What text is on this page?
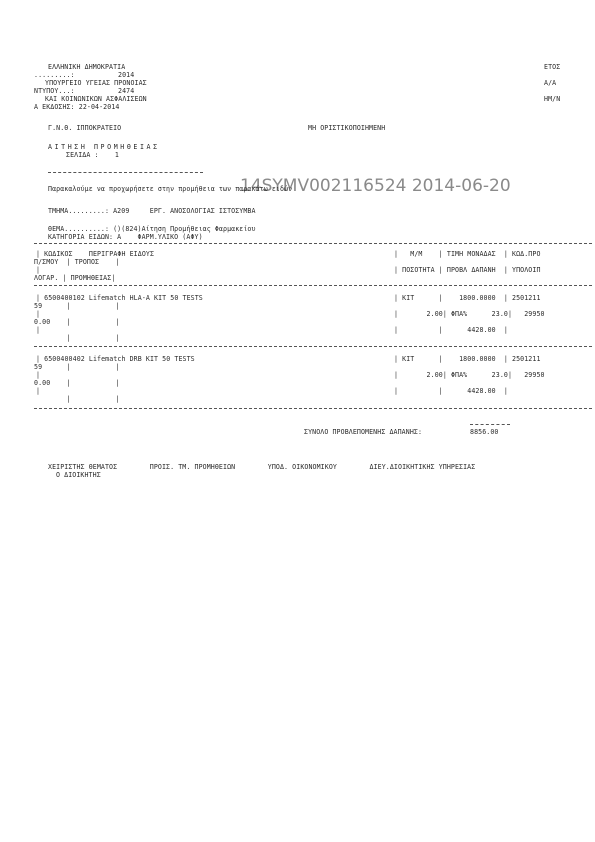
ΕΛΛΗΝΙΚΗ ΔΗΜΟΚΡΑΤΙΑ	ΕΤΟΣ
.........:	2014
ΥΠΟΥΡΓΕΙΟ ΥΓΕΙΑΣ ΠΡΟΝΟΙΑΣ	Α/Α
ΝΤΥΠΟΥ...:	2474
ΚΑΙ ΚΟΙΝΩΝΙΚΩΝ ΑΣΦΑΛΙΣΕΩΝ	ΗΜ/Ν
Α ΕΚΔΟΣΗΣ: 22-04-2014
Γ.Ν.Θ. ΙΠΠΟΚΡΑΤΕΙΟ	ΜΗ ΟΡΙΣΤΙΚΟΠΟΙΗΜΕΝΗ
ΑΙΤΗΣΗ ΠΡΟΜΗΘΕΙΑΣ
ΣΕΛΙΔΑ :    1
14SYMV002116524 2014-06-20
Παρακαλούμε να προχωρήσετε στην προμήθεια των παρακάτω ειδών
ΤΜΗΜΑ.........: Α209     ΕΡΓ. ΑΝΟΣΟΛΟΓΙΑΣ ΙΣΤΟΣΥΜΒΑ
ΘΕΜΑ..........: ()(824)Αίτηση Προμήθειας Φαρμακείου
ΚΑΤΗΓΟΡΙΑ ΕΙΔΩΝ: Α    ΦΑΡΜ.ΥΛΙΚΟ (ΑΦΥ)
| ΚΩΔΙΚΟΣ    ΠΕΡΙΓΡΑΦΗ ΕΙΔΟΥΣ	|   Μ/Μ    | ΤΙΜΗ ΜΟΝΑΔΑΣ  | ΚΩΔ.ΠΡΟ
Π/ΣΜΟΥ  | ΤΡΟΠΟΣ    |
|	| ΠΟΣΟΤΗΤΑ | ΠΡΟΒΛ ΔΑΠΑΝΗ  | ΥΠΟΛΟΙΠ
ΛΟΓΑΡ. | ΠΡΟΜΗΘΕΙΑΣ|
| 6500400102 Lifematch HLA-A KIT 50 TESTS	| KIT      |    1800.0000  | 2501211
59      |           |
|	|       2.00| ΦΠΑ%      23.0|   29950
0.00    |           |
|	|          |      4428.00  |
|           |
| 6500400402 Lifematch DRB KIT 50 TESTS	| KIT      |    1800.0000  | 2501211
59      |           |
|	|       2.00| ΦΠΑ%      23.0|   29950
0.00    |           |
|	|          |      4428.00  |
|           |
ΣΥΝΟΛΟ ΠΡΟΒΛΕΠΟΜΕΝΗΣ ΔΑΠΑΝΗΣ:	8856.00
ΧΕΙΡΙΣΤΗΣ ΘΕΜΑΤΟΣ        ΠΡΟΙΣ. ΤΜ. ΠΡΟΜΗΘΕΙΩΝ        ΥΠΟΔ. ΟΙΚΟΝΟΜΙΚΟΥ        ΔΙΕΥ.ΔΙΟΙΚΗΤΙΚΗΣ ΥΠΗΡΕΣΙΑΣ
Ο ΔΙΟΙΚΗΤΗΣ
